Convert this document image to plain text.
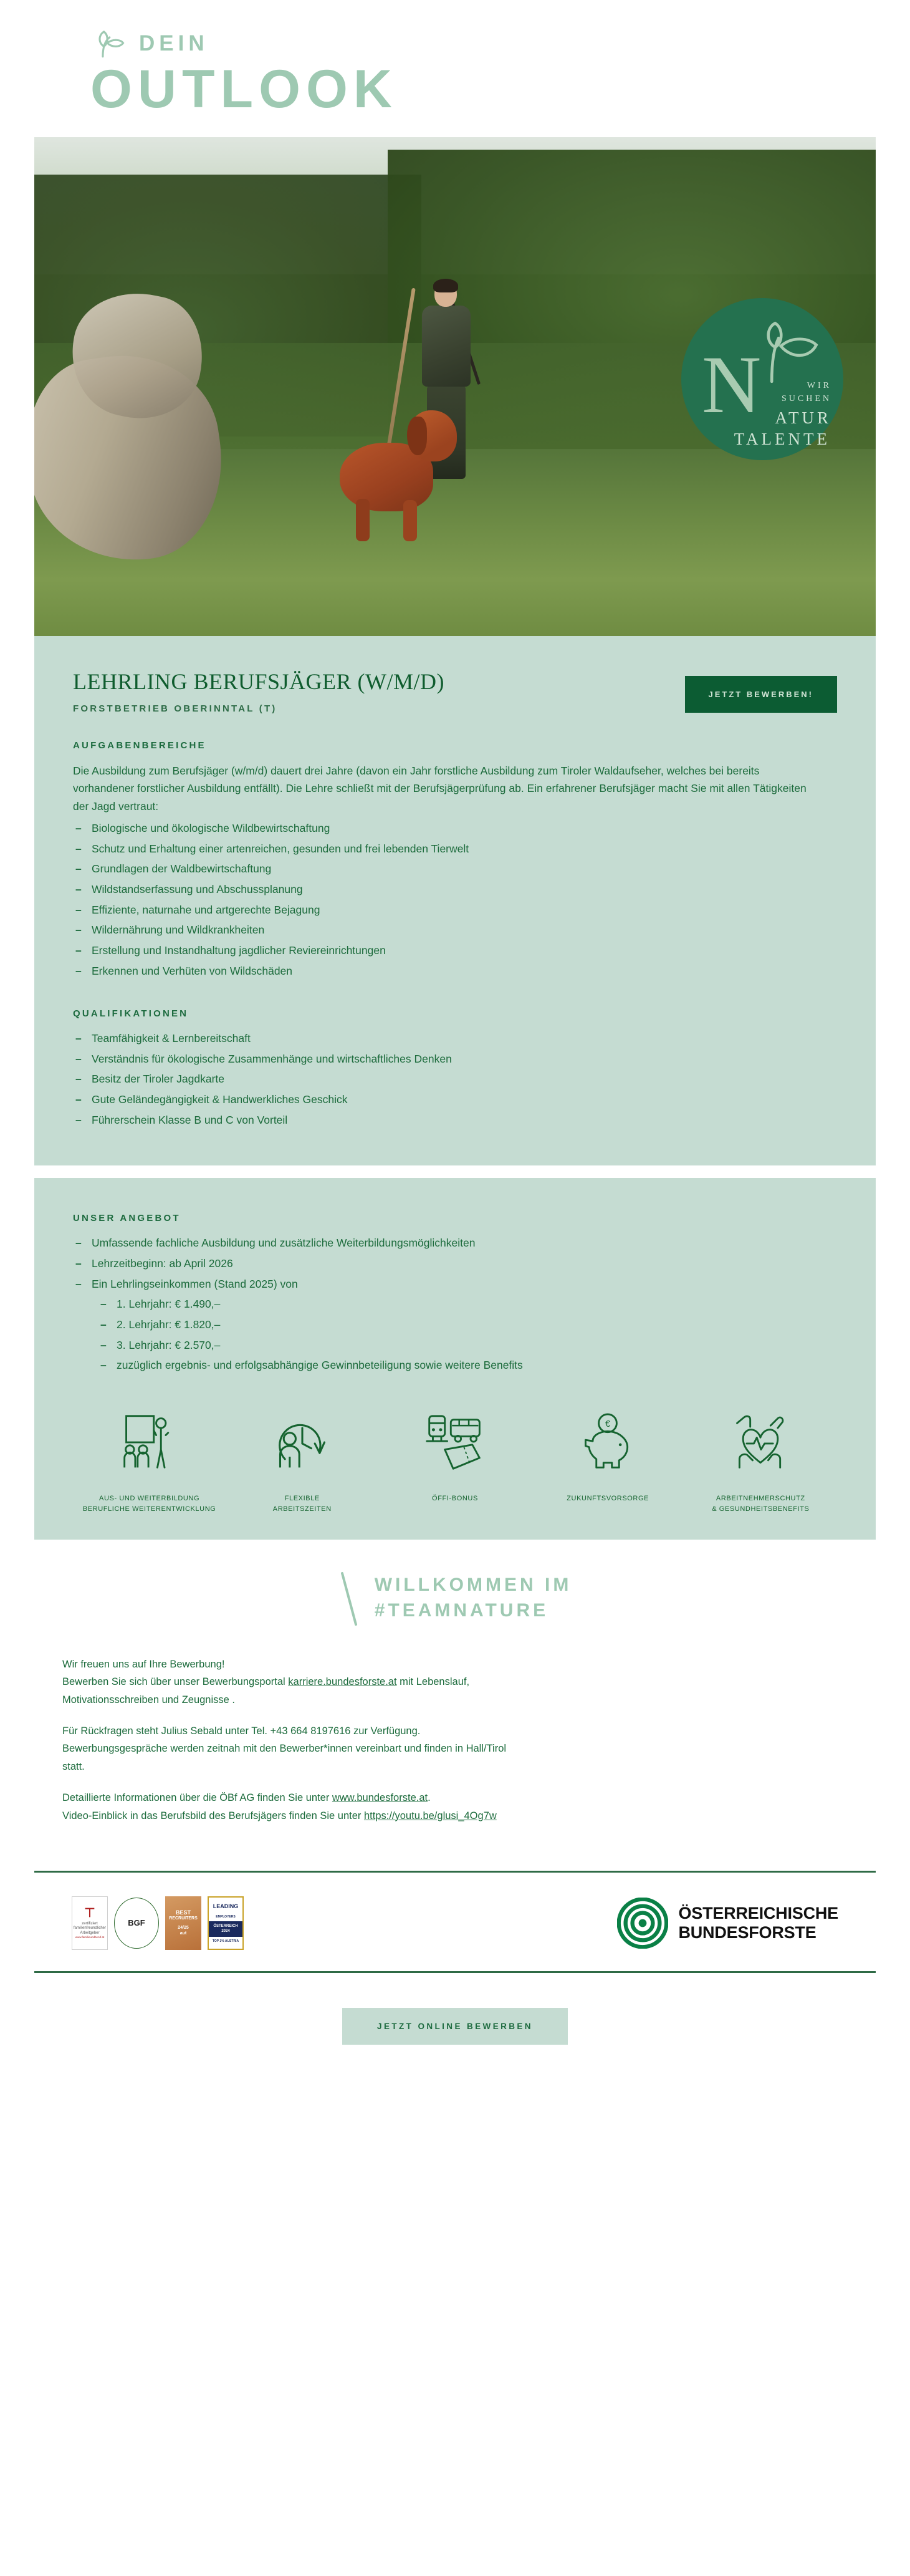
DEIN
OUTLOOK
N	WIR
SUCHEN
ATUR
TALENTE
LEHRLING BERUFSJÄGER (W/M/D)
FORSTBETRIEB OBERINNTAL (T)
JETZT BEWERBEN!
AUFGABENBEREICHE
Die Ausbildung zum Berufsjäger (w/m/d) dauert drei Jahre (davon ein Jahr forstliche Ausbildung zum Tiroler Waldaufseher, welches bei bereits vorhandener forstlicher Ausbildung entfällt). Die Lehre schließt mit der Berufsjägerprüfung ab. Ein erfahrener Berufsjäger macht Sie mit allen Tätigkeiten der Jagd vertraut:
– Biologische und ökologische Wildbewirtschaftung
– Schutz und Erhaltung einer artenreichen, gesunden und frei lebenden Tierwelt
– Grundlagen der Waldbewirtschaftung
– Wildstandserfassung und Abschussplanung
– Effiziente, naturnahe und artgerechte Bejagung
– Wildernährung und Wildkrankheiten
– Erstellung und Instandhaltung jagdlicher Reviereinrichtungen
– Erkennen und Verhüten von Wildschäden
QUALIFIKATIONEN
– Teamfähigkeit & Lernbereitschaft
– Verständnis für ökologische Zusammenhänge und wirtschaftliches Denken
– Besitz der Tiroler Jagdkarte
– Gute Geländegängigkeit & Handwerkliches Geschick
– Führerschein Klasse B und C von Vorteil
UNSER ANGEBOT
– Umfassende fachliche Ausbildung und zusätzliche Weiterbildungsmöglichkeiten
– Lehrzeitbeginn: ab April 2026
– Ein Lehrlingseinkommen (Stand 2025) von
– 1. Lehrjahr: € 1.490,–
– 2. Lehrjahr: € 1.820,–
– 3. Lehrjahr: € 2.570,–
– zuzüglich ergebnis- und erfolgsabhängige Gewinnbeteiligung sowie weitere Benefits
AUS- UND WEITERBILDUNG
BERUFLICHE WEITERENTWICKLUNG
FLEXIBLE
ARBEITSZEITEN
ÖFFI-BONUS
€
ZUKUNFTSVORSORGE	ARBEITNEHMERSCHUTZ
& GESUNDHEITSBENEFITS
WILLKOMMEN IM
#TEAMNATURE

Wir freuen uns auf Ihre Bewerbung!
Bewerben Sie sich über unser Bewerbungsportal karriere.bundesforste.at mit Lebenslauf,
Motivationsschreiben und Zeugnisse .

Für Rückfragen steht Julius Sebald unter Tel. +43 664 8197616 zur Verfügung.
Bewerbungsgespräche werden zeitnah mit den Bewerber*innen vereinbart und finden in Hall/Tirol
statt.

Detaillierte Informationen über die ÖBf AG finden Sie unter www.bundesforste.at.
Video-Einblick in das Berufsbild des Berufsjägers finden Sie unter https://youtu.be/glusi_4Og7w

⊤
zertifiziert
familienfreundlicher
Arbeitgeber
www.familieundberuf.at
BGF
BEST
RECRUITERS
24/25
aut
LEADING
EMPLOYERS
ÖSTERREICH 2024
TOP 1% AUSTRIA
ÖSTERREICHISCHE
BUNDESFORSTE
JETZT ONLINE BEWERBEN
